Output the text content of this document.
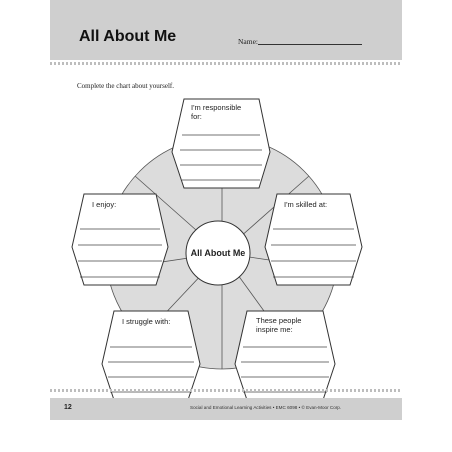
All About Me	Name:
Complete the chart about yourself.
I'm responsible
for:
I'm skilled at:
These people
inspire me:
I struggle with:
I enjoy:
All About Me
12	Social and Emotional Learning Activities • EMC 6098 • © Evan-Moor Corp.
